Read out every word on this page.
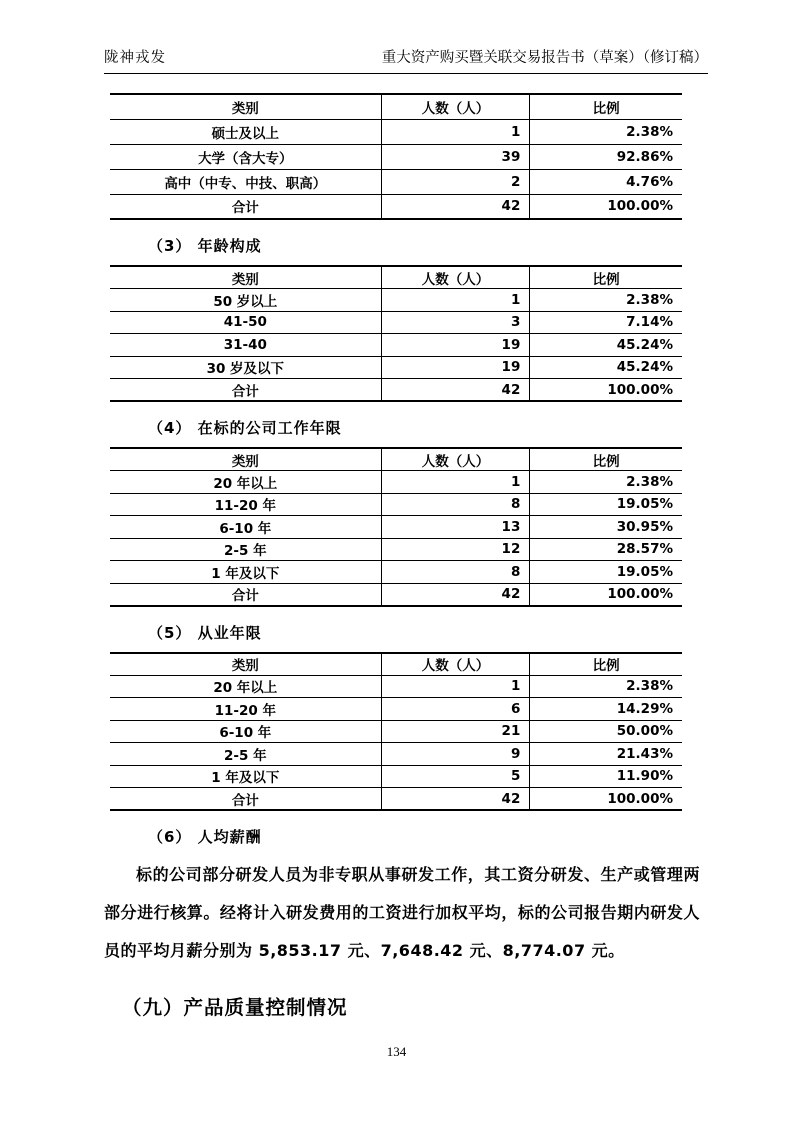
陇神戎发	重大资产购买暨关联交易报告书（草案）（修订稿）
类别	人数（人）	比例
硕士及以上	1	2.38%
大学（含大专）	39	92.86%
高中（中专、中技、职高）	2	4.76%
合计	42	100.00%
（3） 年龄构成
类别	人数（人）	比例
50 岁以上	1	2.38%
41-50	3	7.14%
31-40	19	45.24%
30 岁及以下	19	45.24%
合计	42	100.00%
（4） 在标的公司工作年限
类别	人数（人）	比例
20 年以上	1	2.38%
11-20 年	8	19.05%
6-10 年	13	30.95%
2-5 年	12	28.57%
1 年及以下	8	19.05%
合计	42	100.00%
（5） 从业年限
类别	人数（人）	比例
20 年以上	1	2.38%
11-20 年	6	14.29%
6-10 年	21	50.00%
2-5 年	9	21.43%
1 年及以下	5	11.90%
合计	42	100.00%
（6） 人均薪酬

标的公司部分研发人员为非专职从事研发工作，其工资分研发、生产或管理两部分进行核算。经将计入研发费用的工资进行加权平均，标的公司报告期内研发人员的平均月薪分别为 5,853.17 元、7,648.42 元、8,774.07 元。

（九）产品质量控制情况
134
